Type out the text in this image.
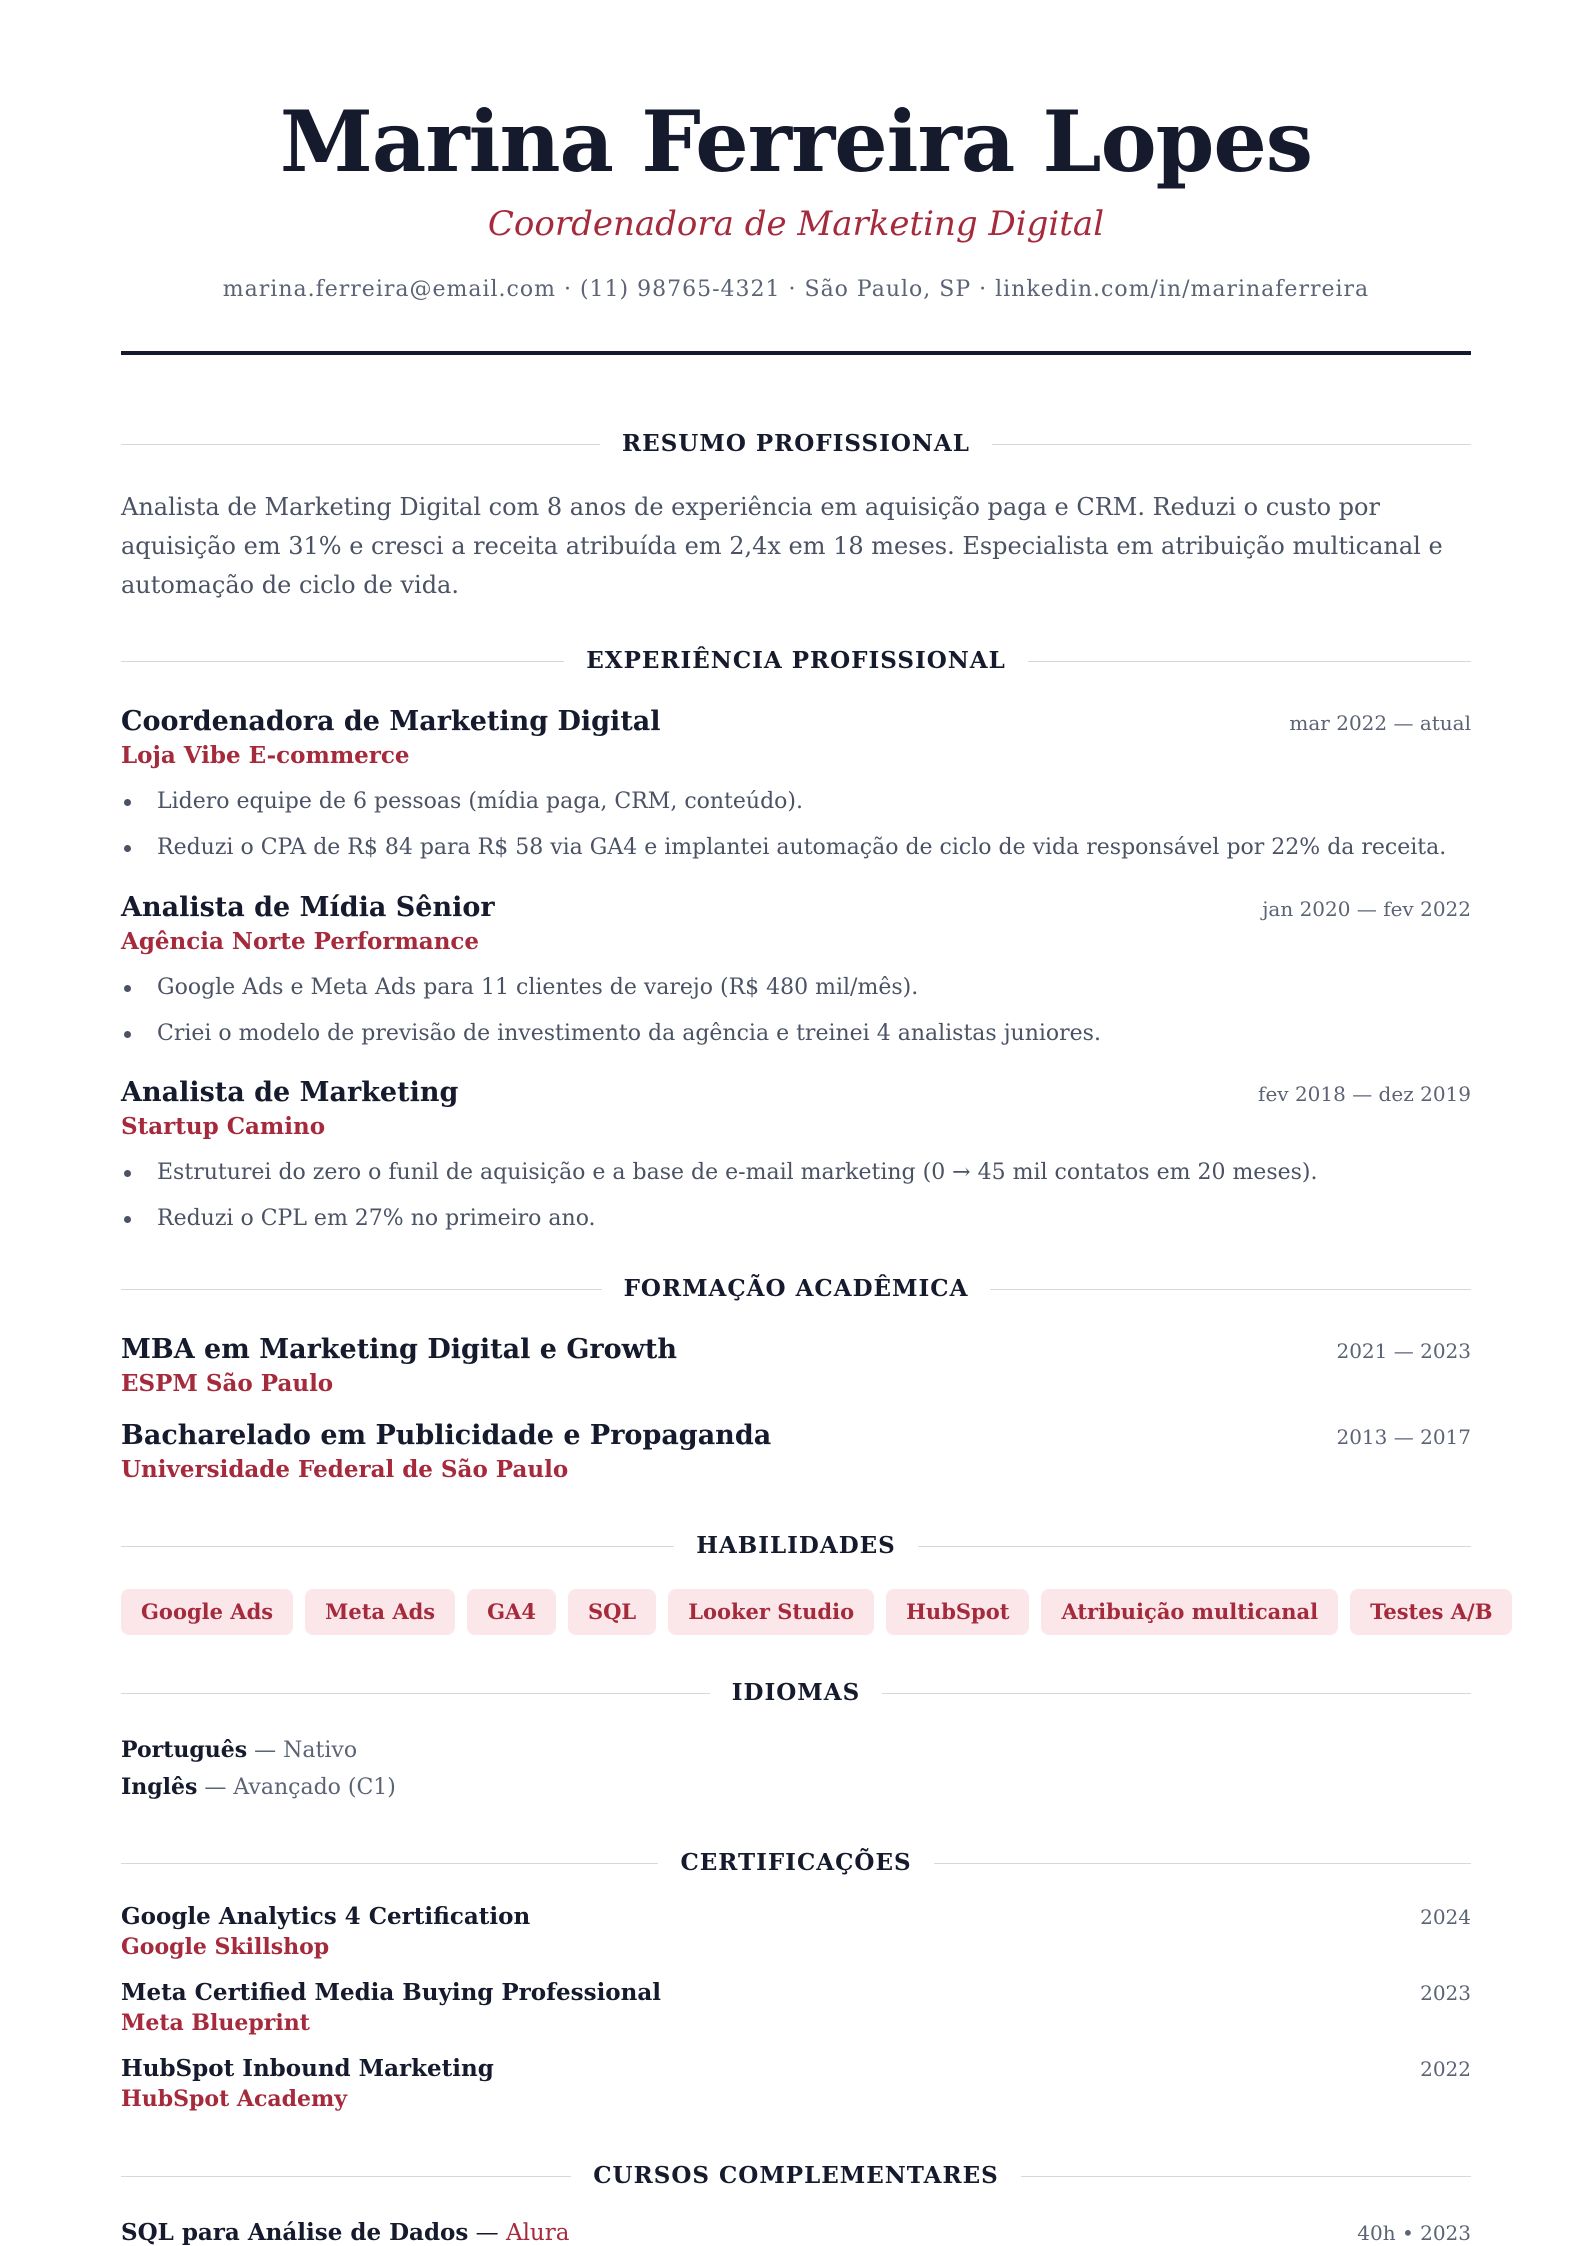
Marina Ferreira Lopes
Coordenadora de Marketing Digital
marina.ferreira@email.com · (11) 98765-4321 · São Paulo, SP · linkedin.com/in/marinaferreira
RESUMO PROFISSIONAL
Analista de Marketing Digital com 8 anos de experiência em aquisição paga e CRM. Reduzi o custo por aquisição em 31% e cresci a receita atribuída em 2,4x em 18 meses. Especialista em atribuição multicanal e automação de ciclo de vida.
EXPERIÊNCIA PROFISSIONAL
Coordenadora de Marketing Digital	mar 2022 — atual
Loja Vibe E-commerce
Lidero equipe de 6 pessoas (mídia paga, CRM, conteúdo).
Reduzi o CPA de R$ 84 para R$ 58 via GA4 e implantei automação de ciclo de vida responsável por 22% da receita.
Analista de Mídia Sênior	jan 2020 — fev 2022
Agência Norte Performance
Google Ads e Meta Ads para 11 clientes de varejo (R$ 480 mil/mês).
Criei o modelo de previsão de investimento da agência e treinei 4 analistas juniores.
Analista de Marketing	fev 2018 — dez 2019
Startup Camino
Estruturei do zero o funil de aquisição e a base de e-mail marketing (0 → 45 mil contatos em 20 meses).
Reduzi o CPL em 27% no primeiro ano.
FORMAÇÃO ACADÊMICA
MBA em Marketing Digital e Growth	2021 — 2023
ESPM São Paulo
Bacharelado em Publicidade e Propaganda	2013 — 2017
Universidade Federal de São Paulo
HABILIDADES
Google Ads	Meta Ads	GA4	SQL	Looker Studio	HubSpot	Atribuição multicanal	Testes A/B
IDIOMAS
Português — Nativo
Inglês — Avançado (C1)
CERTIFICAÇÕES
Google Analytics 4 Certification	2024
Google Skillshop
Meta Certified Media Buying Professional	2023
Meta Blueprint
HubSpot Inbound Marketing	2022
HubSpot Academy
CURSOS COMPLEMENTARES
SQL para Análise de Dados — Alura	40h • 2023
